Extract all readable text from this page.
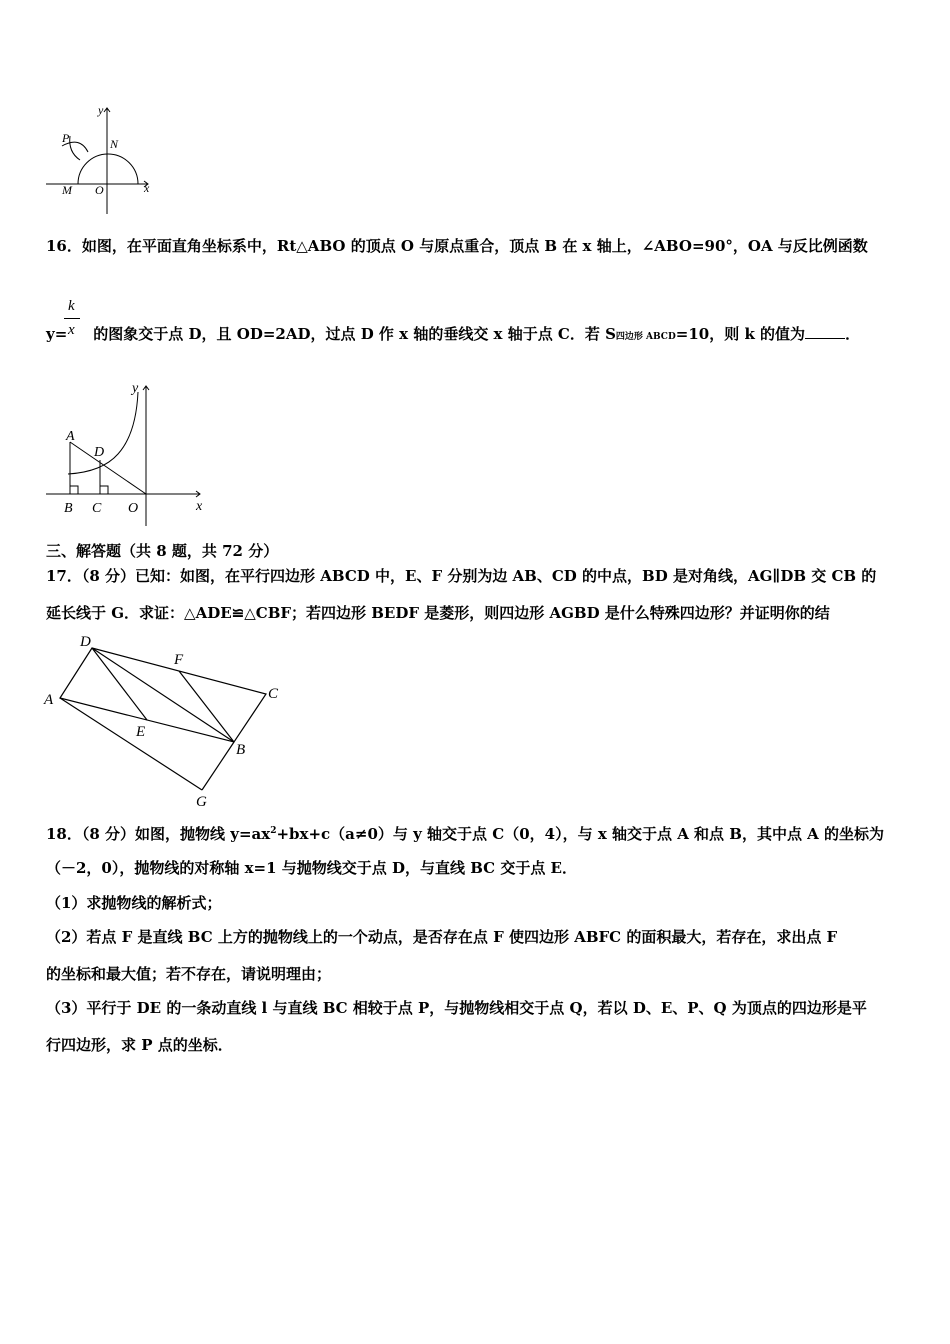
y
P	N
M O	x
16．如图，在平面直角坐标系中，Rt△ABO 的顶点 O 与原点重合，顶点 B 在 x 轴上，∠ABO=90°，OA 与反比例函数
k
x
y= 的图象交于点 D，且 OD=2AD，过点 D 作 x 轴的垂线交 x 轴于点 C．若 S四边形 ABCD=10，则 k 的值为	．
y
A
D
B C O	x
三、解答题（共 8 题，共 72 分）
17．（8 分）已知：如图，在平行四边形 ABCD 中，E、F 分别为边 AB、CD 的中点，BD 是对角线，AG∥DB 交 CB 的
延长线于 G．求证：△ADE≌△CBF；若四边形 BEDF 是菱形，则四边形 AGBD 是什么特殊四边形？并证明你的结
D
F
C
A
E
B
G
18．（8 分）如图，抛物线 $y=ax^2+bx+c(a\ne 0)$与 y 轴交于点 C（0，4），与 x 轴交于点 A 和点 B，其中点 A 的坐标为
（－2，0），抛物线的对称轴 x=1 与抛物线交于点 D，与直线 BC 交于点 E．
（1）求抛物线的解析式；
（2）若点 F 是直线 BC 上方的抛物线上的一个动点，是否存在点 F 使四边形 ABFC 的面积最大，若存在，求出点 F
的坐标和最大值；若不存在，请说明理由；
（3）平行于 DE 的一条动直线 l 与直线 BC 相较于点 P，与抛物线相交于点 Q，若以 D、E、P、Q 为顶点的四边形是平
行四边形，求 P 点的坐标．
